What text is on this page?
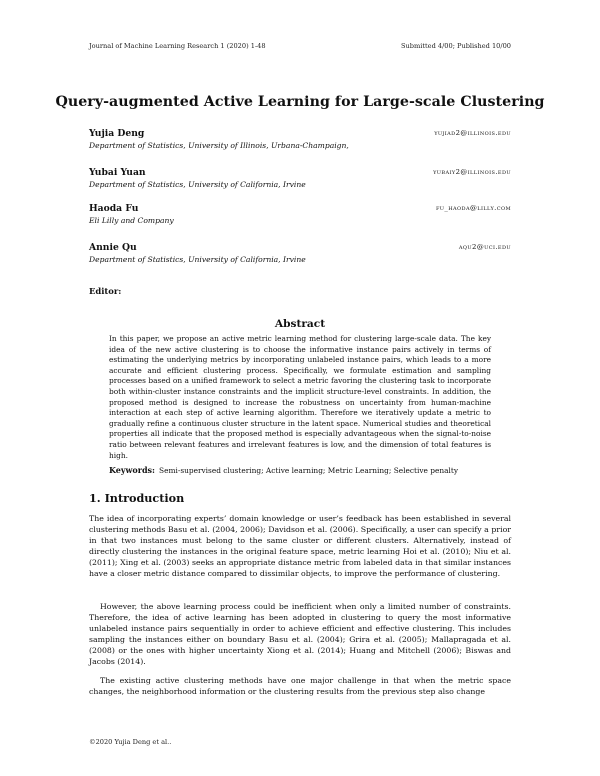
Journal of Machine Learning Research 1 (2020) 1-48	Submitted 4/00; Published 10/00
Query-augmented Active Learning for Large-scale Clustering
Yujia Deng	yujiad2@illinois.edu
Department of Statistics, University of Illinois, Urbana-Champaign,
Yubai Yuan	yubaiy2@illinois.edu
Department of Statistics, University of California, Irvine
Haoda Fu	fu_haoda@lilly.com
Eli Lilly and Company
Annie Qu	aqu2@uci.edu
Department of Statistics, University of California, Irvine
Editor:
Abstract
In this paper, we propose an active metric learning method for clustering large-scale data. The key idea of the new active clustering is to choose the informative instance pairs actively in terms of estimating the underlying metrics by incorporating unlabeled instance pairs, which leads to a more accurate and efficient clustering process. Specifically, we formulate estimation and sampling processes based on a unified framework to select a metric favoring the clustering task to incorporate both within-cluster instance constraints and the implicit structure-level constraints. In addition, the proposed method is designed to increase the robustness on uncertainty from human-machine interaction at each step of active learning algorithm. Therefore we iteratively update a metric to gradually refine a continuous cluster structure in the latent space. Numerical studies and theoretical properties all indicate that the proposed method is especially advantageous when the signal-to-noise ratio between relevant features and irrelevant features is low, and the dimension of total features is high.
Keywords: Semi-supervised clustering; Active learning; Metric Learning; Selective penalty
1. Introduction
The idea of incorporating experts’ domain knowledge or user’s feedback has been established in several clustering methods Basu et al. (2004, 2006); Davidson et al. (2006). Specifically, a user can specify a prior in that two instances must belong to the same cluster or different clusters. Alternatively, instead of directly clustering the instances in the original feature space, metric learning Hoi et al. (2010); Niu et al. (2011); Xing et al. (2003) seeks an appropriate distance metric from labeled data in that similar instances have a closer metric distance compared to dissimilar objects, to improve the performance of clustering.
However, the above learning process could be inefficient when only a limited number of constraints. Therefore, the idea of active learning has been adopted in clustering to query the most informative unlabeled instance pairs sequentially in order to achieve efficient and effective clustering. This includes sampling the instances either on boundary Basu et al. (2004); Grira et al. (2005); Mallapragada et al. (2008) or the ones with higher uncertainty Xiong et al. (2014); Huang and Mitchell (2006); Biswas and Jacobs (2014).
The existing active clustering methods have one major challenge in that when the metric space changes, the neighborhood information or the clustering results from the previous step also change
©2020 Yujia Deng et al..
